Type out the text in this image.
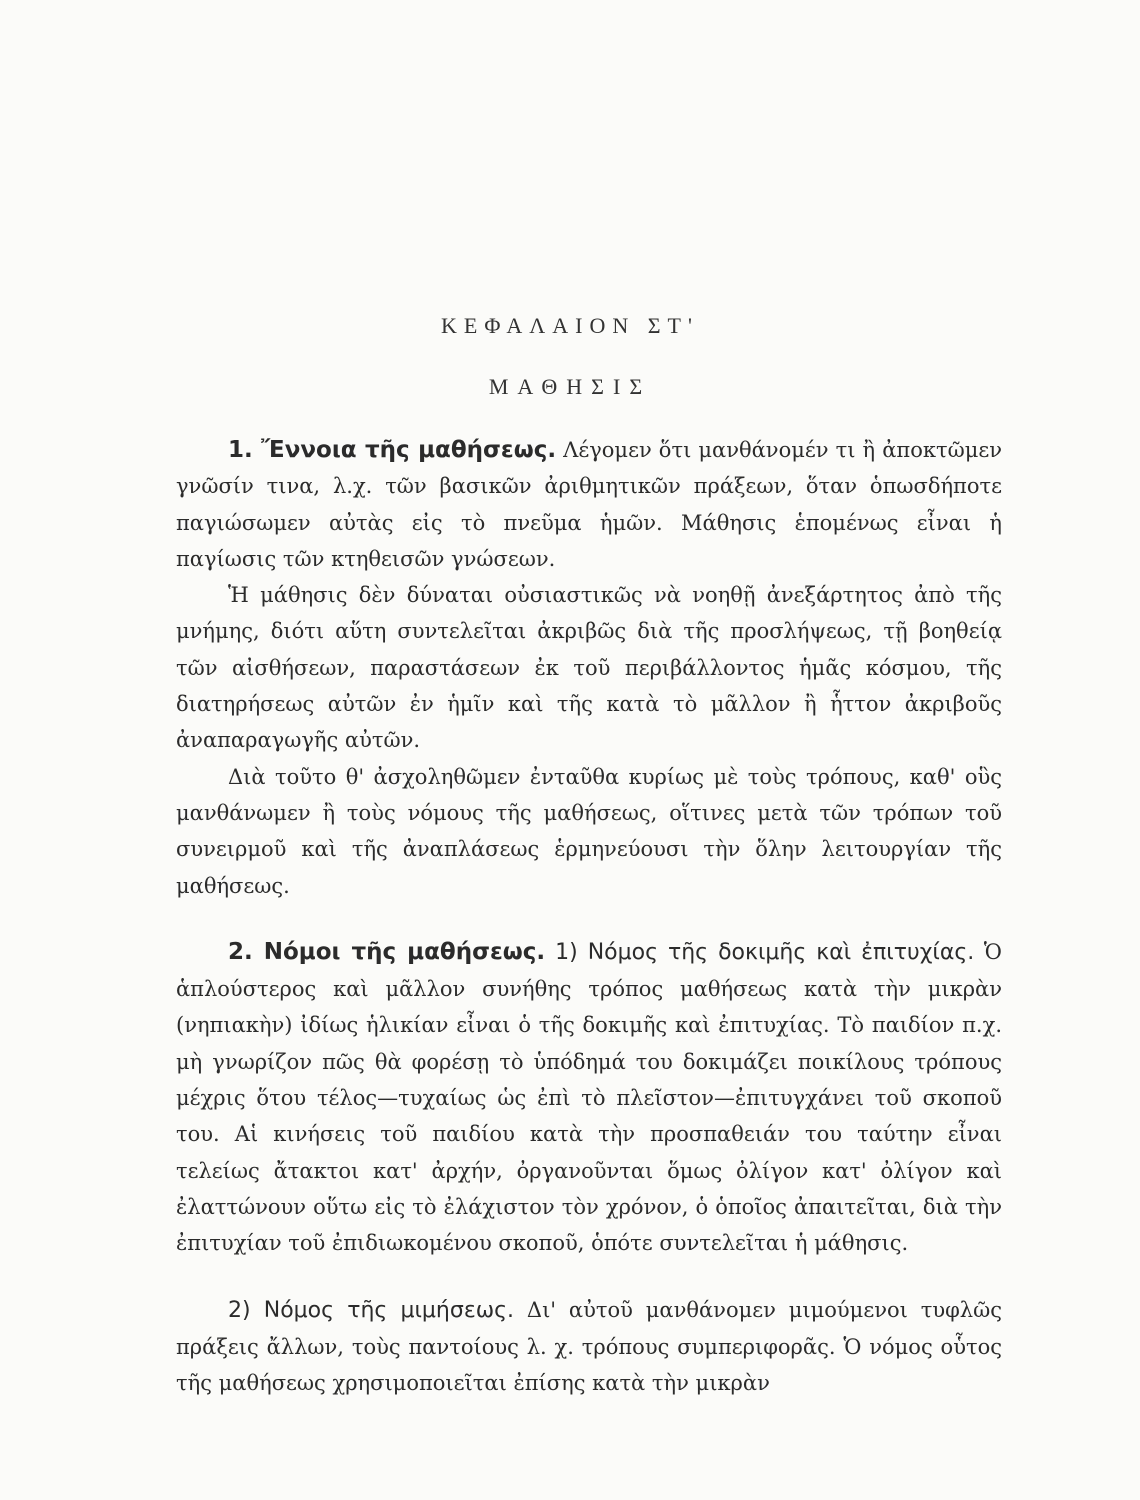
ΚΕΦΑΛΑΙΟΝ ΣΤ'
ΜΑΘΗΣΙΣ

1. Ἔννοια τῆς μαθήσεως. Λέγομεν ὅτι μανθάνομέν τι ἢ ἀποκτῶμεν γνῶσίν τινα, λ.χ. τῶν βασικῶν ἀριθμητικῶν πράξεων, ὅταν ὁπωσδήποτε παγιώσωμεν αὐτὰς εἰς τὸ πνεῦμα ἡμῶν. Μάθησις ἑπομένως εἶναι ἡ παγίωσις τῶν κτηθεισῶν γνώσεων.

Ἡ μάθησις δὲν δύναται οὐσιαστικῶς νὰ νοηθῇ ἀνεξάρτητος ἀπὸ τῆς μνήμης, διότι αὕτη συντελεῖται ἀκριβῶς διὰ τῆς προσλήψεως, τῇ βοηθείᾳ τῶν αἰσθήσεων, παραστάσεων ἐκ τοῦ περιβάλλοντος ἡμᾶς κόσμου, τῆς διατηρήσεως αὐτῶν ἐν ἡμῖν καὶ τῆς κατὰ τὸ μᾶλλον ἢ ἧττον ἀκριβοῦς ἀναπαραγωγῆς αὐτῶν.

Διὰ τοῦτο θ' ἀσχοληθῶμεν ἐνταῦθα κυρίως μὲ τοὺς τρόπους, καθ' οὓς μανθάνωμεν ἢ τοὺς νόμους τῆς μαθήσεως, οἵτινες μετὰ τῶν τρόπων τοῦ συνειρμοῦ καὶ τῆς ἀναπλάσεως ἑρμηνεύουσι τὴν ὅλην λειτουργίαν τῆς μαθήσεως.

2. Νόμοι τῆς μαθήσεως. 1) Νόμος τῆς δοκιμῆς καὶ ἐπιτυχίας. Ὁ ἁπλούστερος καὶ μᾶλλον συνήθης τρόπος μαθήσεως κατὰ τὴν μικρὰν (νηπιακὴν) ἰδίως ἡλικίαν εἶναι ὁ τῆς δοκιμῆς καὶ ἐπιτυχίας. Τὸ παιδίον π.χ. μὴ γνωρίζον πῶς θὰ φορέσῃ τὸ ὑπόδημά του δοκιμάζει ποικίλους τρόπους μέχρις ὅτου τέλος—τυχαίως ὡς ἐπὶ τὸ πλεῖστον—ἐπιτυγχάνει τοῦ σκοποῦ του. Αἱ κινήσεις τοῦ παιδίου κατὰ τὴν προσπαθειάν του ταύτην εἶναι τελείως ἄτακτοι κατ' ἀρχήν, ὀργανοῦνται ὅμως ὀλίγον κατ' ὀλίγον καὶ ἐλαττώνουν οὕτω εἰς τὸ ἐλάχιστον τὸν χρόνον, ὁ ὁποῖος ἀπαιτεῖται, διὰ τὴν ἐπιτυχίαν τοῦ ἐπιδιωκομένου σκοποῦ, ὁπότε συντελεῖται ἡ μάθησις.

2) Νόμος τῆς μιμήσεως. Δι' αὐτοῦ μανθάνομεν μιμούμενοι τυφλῶς πράξεις ἄλλων, τοὺς παντοίους λ. χ. τρόπους συμπεριφορᾶς. Ὁ νόμος οὗτος τῆς μαθήσεως χρησιμοποιεῖται ἐπίσης κατὰ τὴν μικρὰν
